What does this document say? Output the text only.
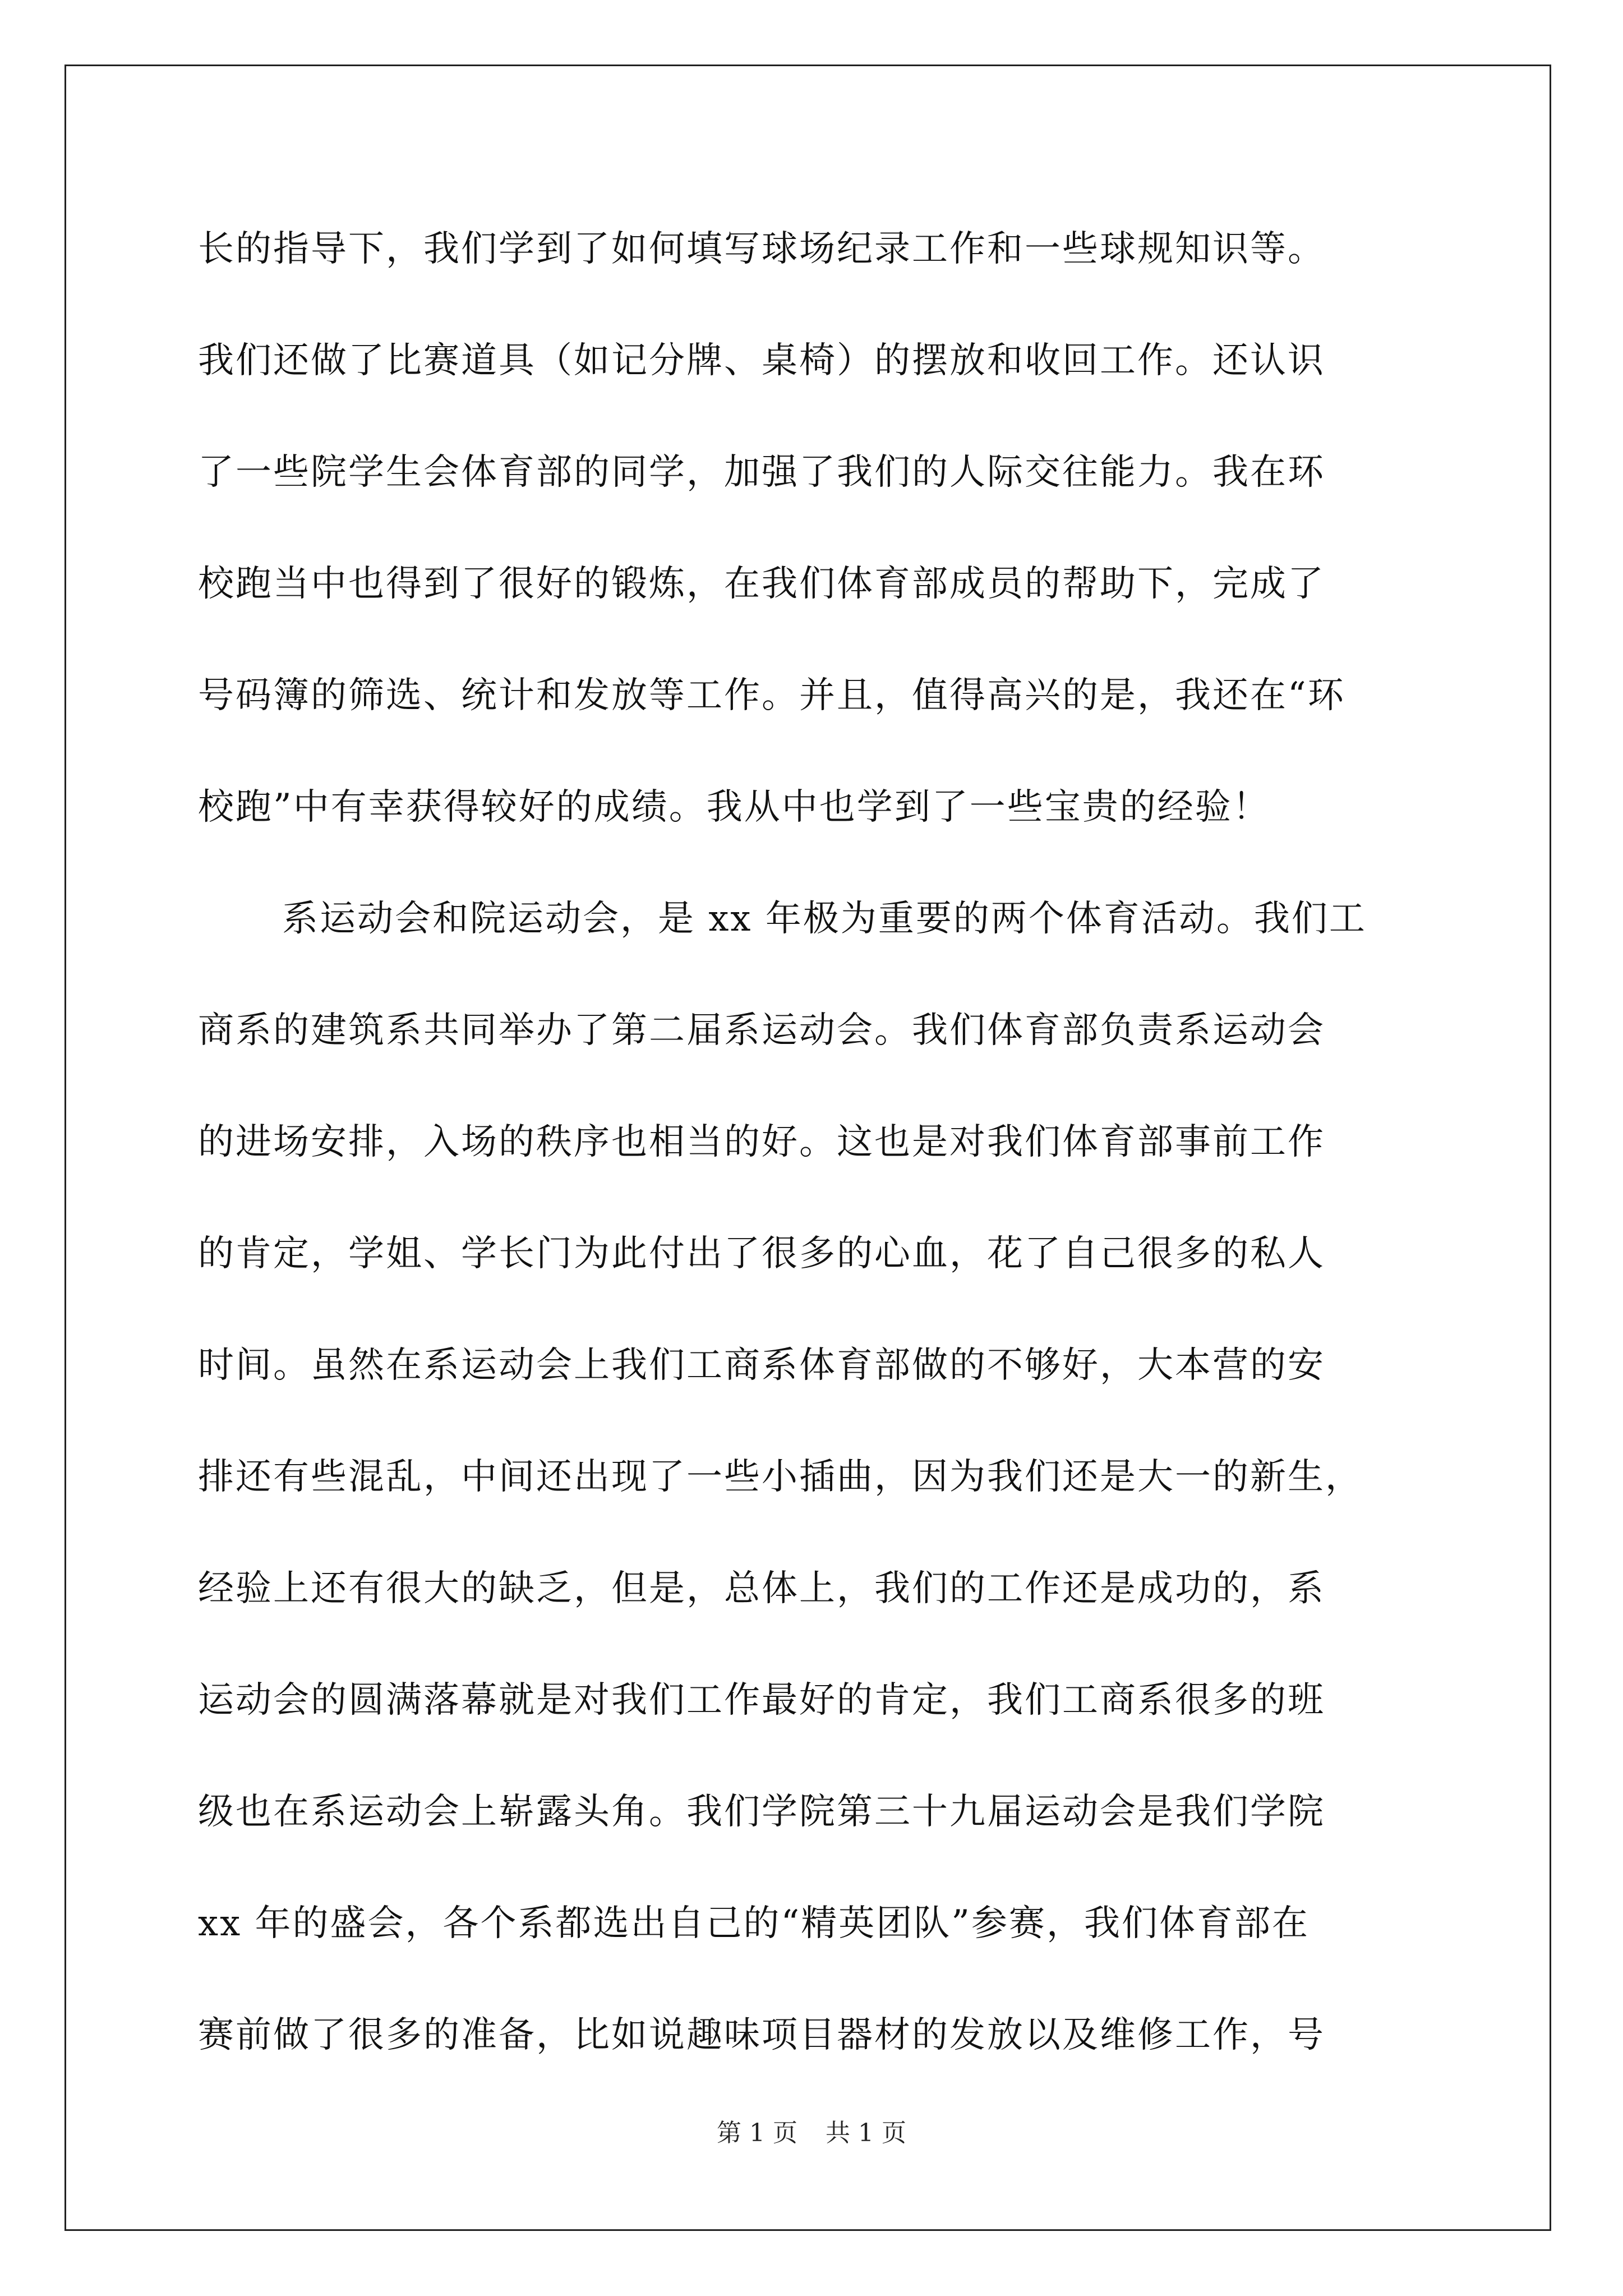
长的指导下，我们学到了如何填写球场纪录工作和一些球规知识等。
我们还做了比赛道具（如记分牌、桌椅）的摆放和收回工作。还认识
了一些院学生会体育部的同学，加强了我们的人际交往能力。我在环
校跑当中也得到了很好的锻炼，在我们体育部成员的帮助下，完成了
号码簿的筛选、统计和发放等工作。并且，值得高兴的是，我还在“环
校跑”中有幸获得较好的成绩。我从中也学到了一些宝贵的经验！
系运动会和院运动会，是 xx 年极为重要的两个体育活动。我们工
商系的建筑系共同举办了第二届系运动会。我们体育部负责系运动会
的进场安排，入场的秩序也相当的好。这也是对我们体育部事前工作
的肯定，学姐、学长门为此付出了很多的心血，花了自己很多的私人
时间。虽然在系运动会上我们工商系体育部做的不够好，大本营的安
排还有些混乱，中间还出现了一些小插曲，因为我们还是大一的新生，
经验上还有很大的缺乏，但是，总体上，我们的工作还是成功的，系
运动会的圆满落幕就是对我们工作最好的肯定，我们工商系很多的班
级也在系运动会上崭露头角。我们学院第三十九届运动会是我们学院
xx 年的盛会，各个系都选出自己的“精英团队”参赛，我们体育部在
赛前做了很多的准备，比如说趣味项目器材的发放以及维修工作，号
第 1 页 共 1 页
